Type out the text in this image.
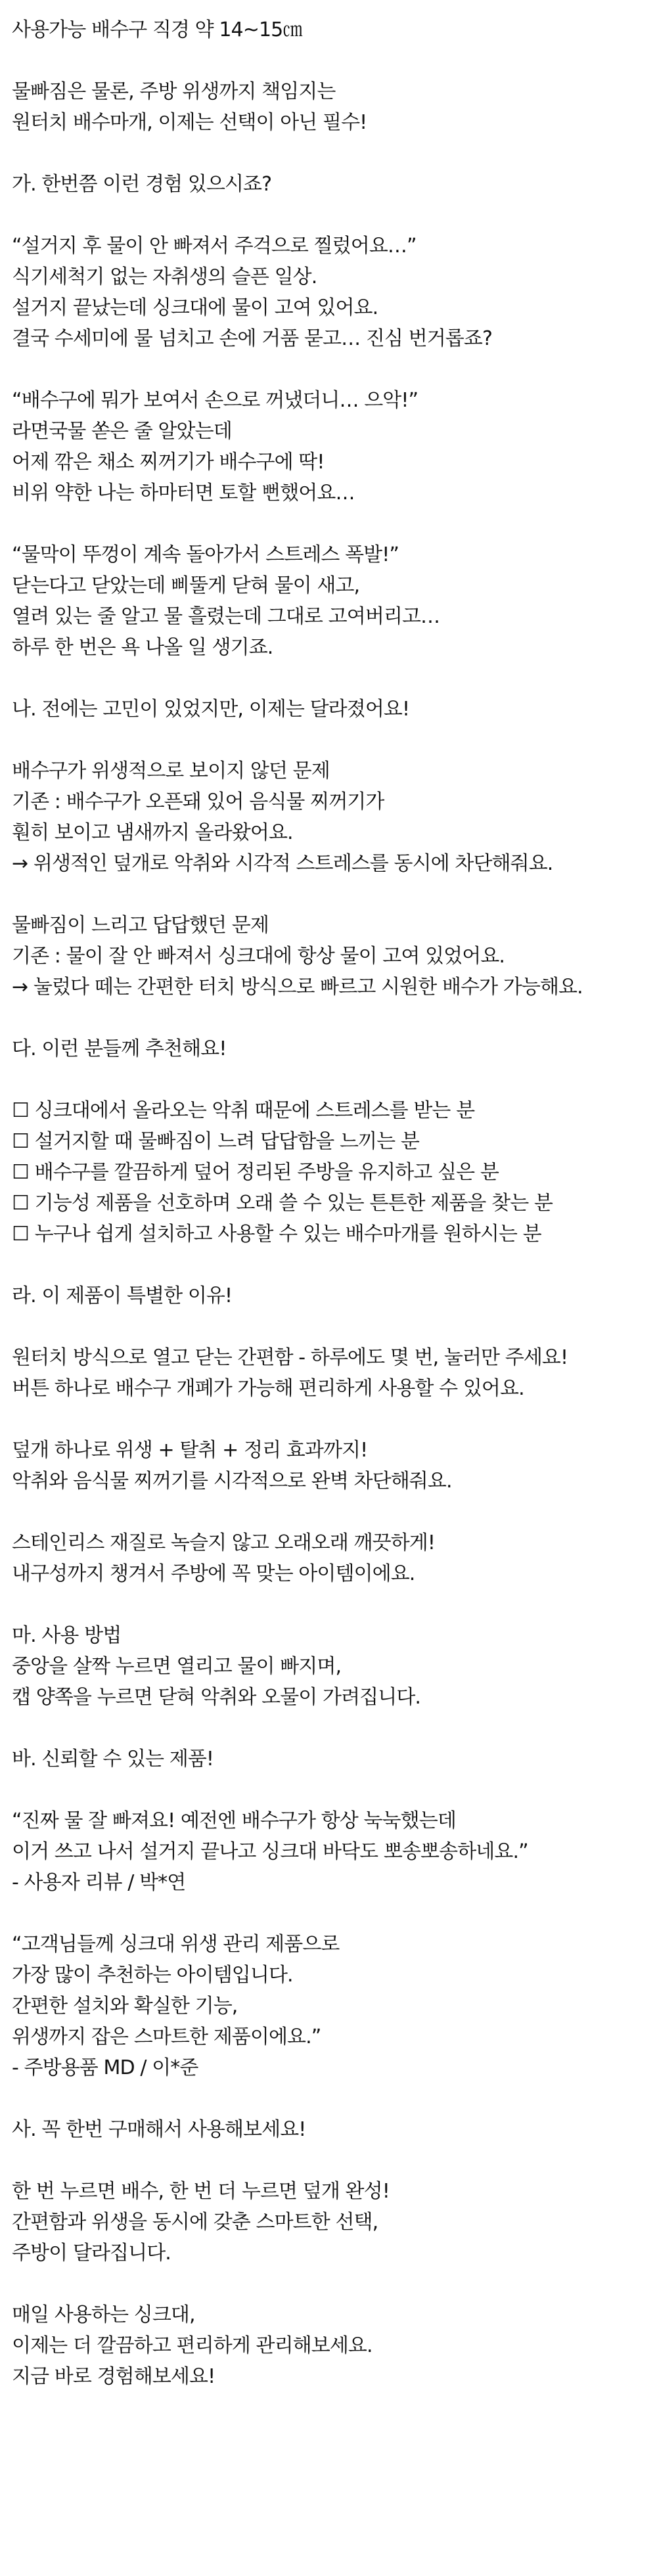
사용가능 배수구 직경 약 14~15㎝
물빠짐은 물론, 주방 위생까지 책임지는
원터치 배수마개, 이제는 선택이 아닌 필수!
가. 한번쯤 이런 경험 있으시죠?
“설거지 후 물이 안 빠져서 주걱으로 찔렀어요…”
식기세척기 없는 자취생의 슬픈 일상.
설거지 끝났는데 싱크대에 물이 고여 있어요.
결국 수세미에 물 넘치고 손에 거품 묻고… 진심 번거롭죠?
“배수구에 뭐가 보여서 손으로 꺼냈더니… 으악!”
라면국물 쏟은 줄 알았는데
어제 깎은 채소 찌꺼기가 배수구에 딱!
비위 약한 나는 하마터면 토할 뻔했어요…
“물막이 뚜껑이 계속 돌아가서 스트레스 폭발!”
닫는다고 닫았는데 삐뚤게 닫혀 물이 새고,
열려 있는 줄 알고 물 흘렸는데 그대로 고여버리고…
하루 한 번은 욕 나올 일 생기죠.
나. 전에는 고민이 있었지만, 이제는 달라졌어요!
배수구가 위생적으로 보이지 않던 문제
기존 : 배수구가 오픈돼 있어 음식물 찌꺼기가
훤히 보이고 냄새까지 올라왔어요.
→ 위생적인 덮개로 악취와 시각적 스트레스를 동시에 차단해줘요.
물빠짐이 느리고 답답했던 문제
기존 : 물이 잘 안 빠져서 싱크대에 항상 물이 고여 있었어요.
→ 눌렀다 떼는 간편한 터치 방식으로 빠르고 시원한 배수가 가능해요.
다. 이런 분들께 추천해요!
☐ 싱크대에서 올라오는 악취 때문에 스트레스를 받는 분
☐ 설거지할 때 물빠짐이 느려 답답함을 느끼는 분
☐ 배수구를 깔끔하게 덮어 정리된 주방을 유지하고 싶은 분
☐ 기능성 제품을 선호하며 오래 쓸 수 있는 튼튼한 제품을 찾는 분
☐ 누구나 쉽게 설치하고 사용할 수 있는 배수마개를 원하시는 분
라. 이 제품이 특별한 이유!
원터치 방식으로 열고 닫는 간편함 - 하루에도 몇 번, 눌러만 주세요!
버튼 하나로 배수구 개폐가 가능해 편리하게 사용할 수 있어요.
덮개 하나로 위생 + 탈취 + 정리 효과까지!
악취와 음식물 찌꺼기를 시각적으로 완벽 차단해줘요.
스테인리스 재질로 녹슬지 않고 오래오래 깨끗하게!
내구성까지 챙겨서 주방에 꼭 맞는 아이템이에요.
마. 사용 방법
중앙을 살짝 누르면 열리고 물이 빠지며,
캡 양쪽을 누르면 닫혀 악취와 오물이 가려집니다.
바. 신뢰할 수 있는 제품!
“진짜 물 잘 빠져요! 예전엔 배수구가 항상 눅눅했는데
이거 쓰고 나서 설거지 끝나고 싱크대 바닥도 뽀송뽀송하네요.”
- 사용자 리뷰 / 박*연
“고객님들께 싱크대 위생 관리 제품으로
가장 많이 추천하는 아이템입니다.
간편한 설치와 확실한 기능,
위생까지 잡은 스마트한 제품이에요.”
- 주방용품 MD / 이*준
사. 꼭 한번 구매해서 사용해보세요!
한 번 누르면 배수, 한 번 더 누르면 덮개 완성!
간편함과 위생을 동시에 갖춘 스마트한 선택,
주방이 달라집니다.
매일 사용하는 싱크대,
이제는 더 깔끔하고 편리하게 관리해보세요.
지금 바로 경험해보세요!
